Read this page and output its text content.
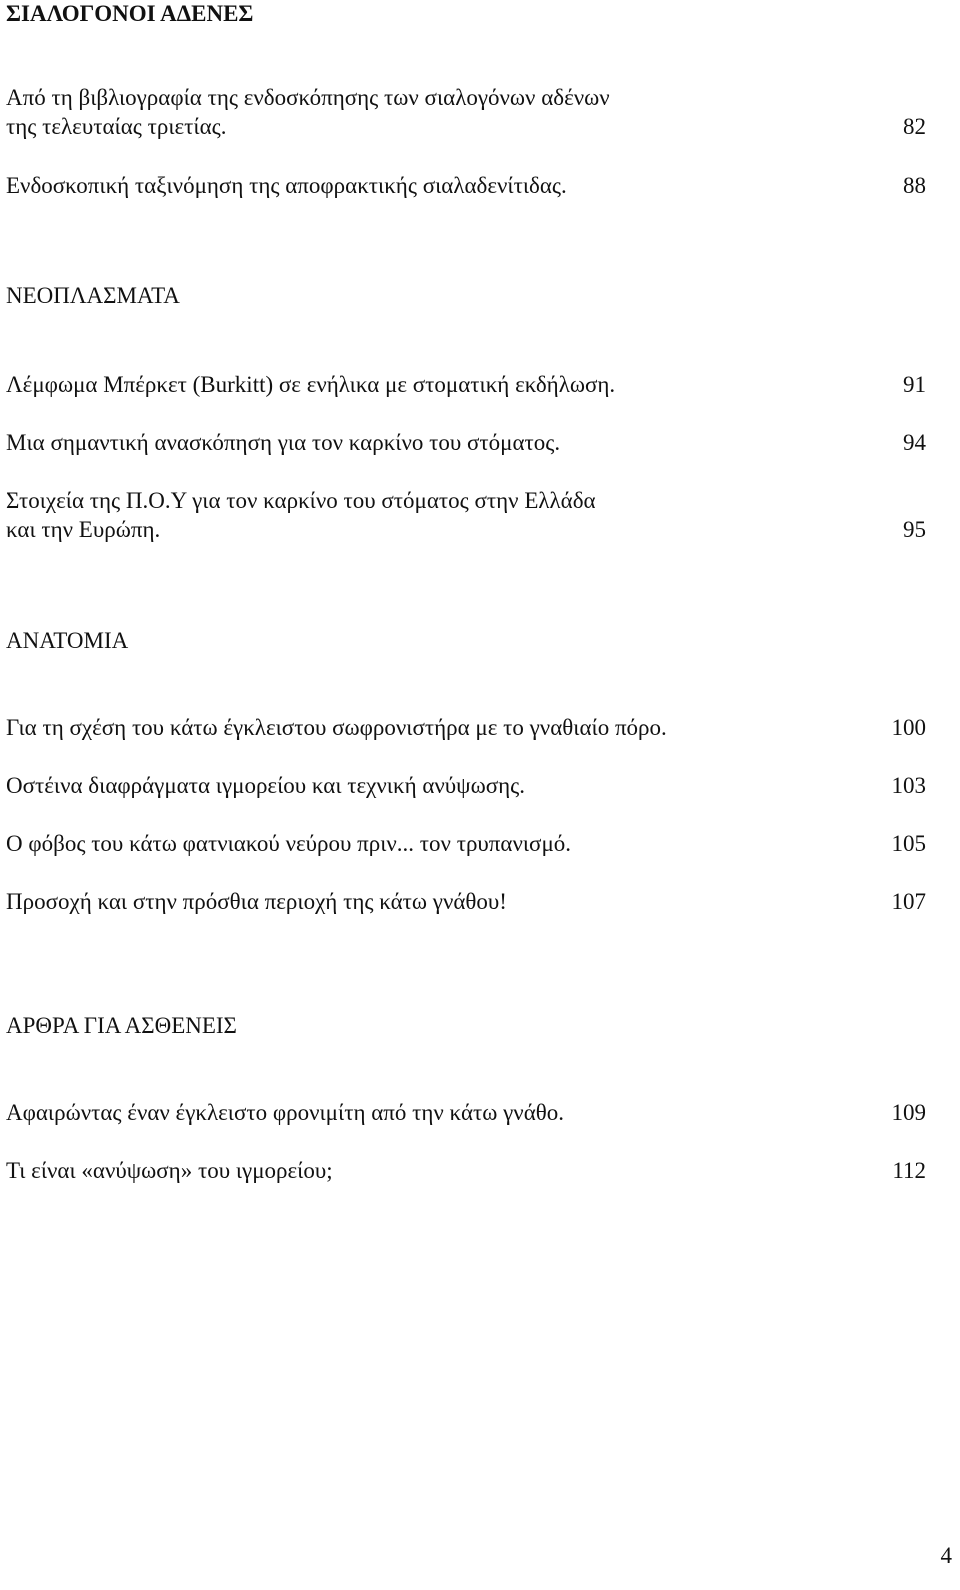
ΣΙΑΛΟΓΟΝΟΙ ΑΔΕΝΕΣ
Από τη βιβλιογραφία της ενδοσκόπησης των σιαλογόνων αδένων
της τελευταίας τριετίας.	82
Ενδοσκοπική ταξινόμηση της αποφρακτικής σιαλαδενίτιδας.	88
ΝΕΟΠΛΑΣΜΑΤΑ
Λέμφωμα Μπέρκετ (Burkitt) σε ενήλικα με στοματική εκδήλωση.	91
Μια σημαντική ανασκόπηση για τον καρκίνο του στόματος.	94
Στοιχεία της Π.Ο.Υ για τον καρκίνο του στόματος στην Ελλάδα
και την Ευρώπη.	95
ΑΝΑΤΟΜΙΑ
Για τη σχέση του κάτω έγκλειστου σωφρονιστήρα με το γναθιαίο πόρο.	100
Οστέινα διαφράγματα ιγμορείου και τεχνική ανύψωσης.	103
Ο φόβος του κάτω φατνιακού νεύρου πριν... τον τρυπανισμό.	105
Προσοχή και στην πρόσθια περιοχή της κάτω γνάθου!	107
ΑΡΘΡΑ ΓΙΑ ΑΣΘΕΝΕΙΣ
Αφαιρώντας έναν έγκλειστο φρονιμίτη από την κάτω γνάθο.	109
Τι είναι «ανύψωση» του ιγμορείου;	112
4
